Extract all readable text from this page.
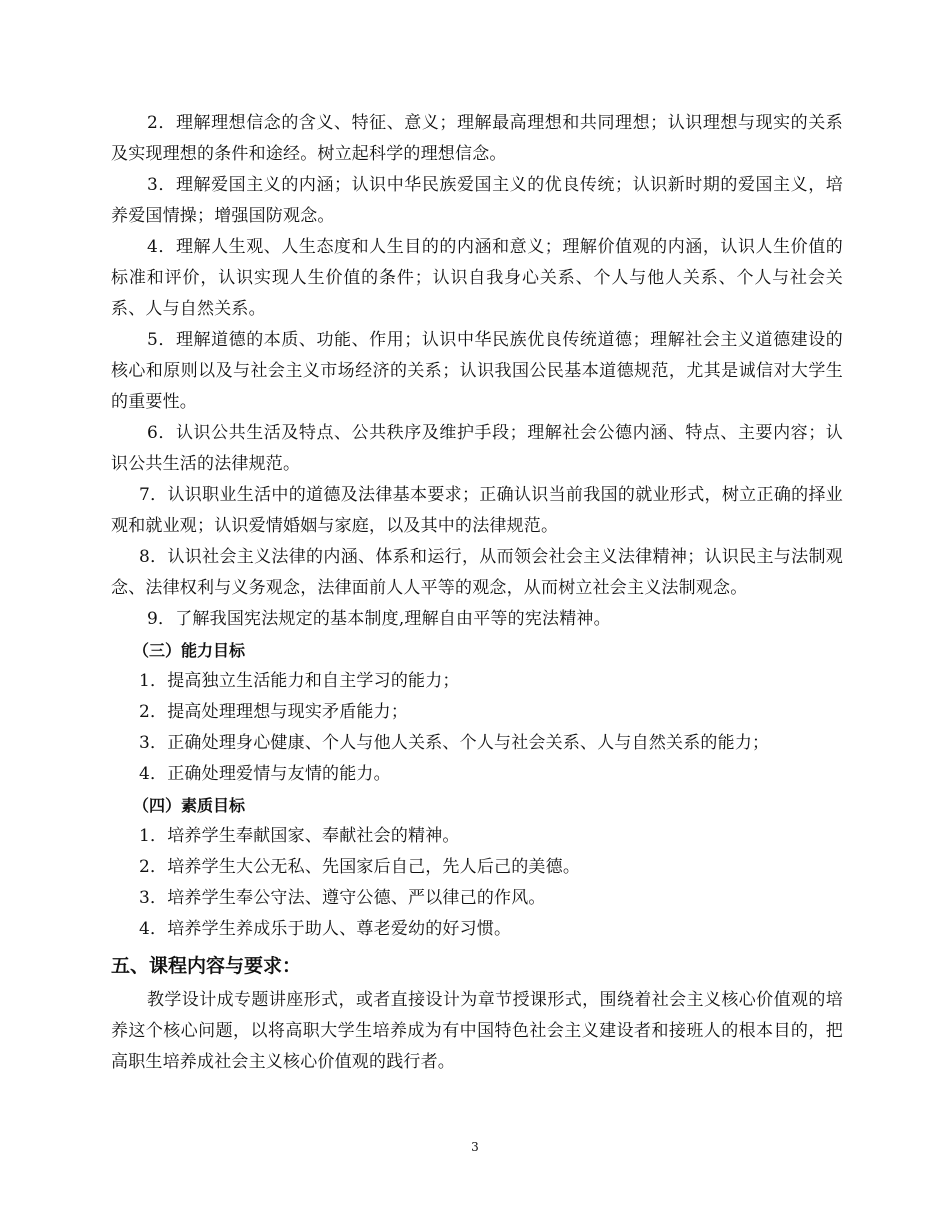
2．理解理想信念的含义、特征、意义；理解最高理想和共同理想；认识理想与现实的关系及实现理想的条件和途经。树立起科学的理想信念。

3．理解爱国主义的内涵；认识中华民族爱国主义的优良传统；认识新时期的爱国主义，培养爱国情操；增强国防观念。

4．理解人生观、人生态度和人生目的的内涵和意义；理解价值观的内涵，认识人生价值的标准和评价，认识实现人生价值的条件；认识自我身心关系、个人与他人关系、个人与社会关系、人与自然关系。

5．理解道德的本质、功能、作用；认识中华民族优良传统道德；理解社会主义道德建设的核心和原则以及与社会主义市场经济的关系；认识我国公民基本道德规范，尤其是诚信对大学生的重要性。

6．认识公共生活及特点、公共秩序及维护手段；理解社会公德内涵、特点、主要内容；认识公共生活的法律规范。

7．认识职业生活中的道德及法律基本要求；正确认识当前我国的就业形式，树立正确的择业观和就业观；认识爱情婚姻与家庭，以及其中的法律规范。

8．认识社会主义法律的内涵、体系和运行，从而领会社会主义法律精神；认识民主与法制观念、法律权利与义务观念，法律面前人人平等的观念，从而树立社会主义法制观念。

9．了解我国宪法规定的基本制度,理解自由平等的宪法精神。

（三）能力目标

1．提高独立生活能力和自主学习的能力；

2．提高处理理想与现实矛盾能力；

3．正确处理身心健康、个人与他人关系、个人与社会关系、人与自然关系的能力；

4．正确处理爱情与友情的能力。

（四）素质目标

1．培养学生奉献国家、奉献社会的精神。

2．培养学生大公无私、先国家后自己，先人后己的美德。

3．培养学生奉公守法、遵守公德、严以律己的作风。

4．培养学生养成乐于助人、尊老爱幼的好习惯。

五、课程内容与要求：

教学设计成专题讲座形式，或者直接设计为章节授课形式，围绕着社会主义核心价值观的培养这个核心问题，以将高职大学生培养成为有中国特色社会主义建设者和接班人的根本目的，把高职生培养成社会主义核心价值观的践行者。

3
